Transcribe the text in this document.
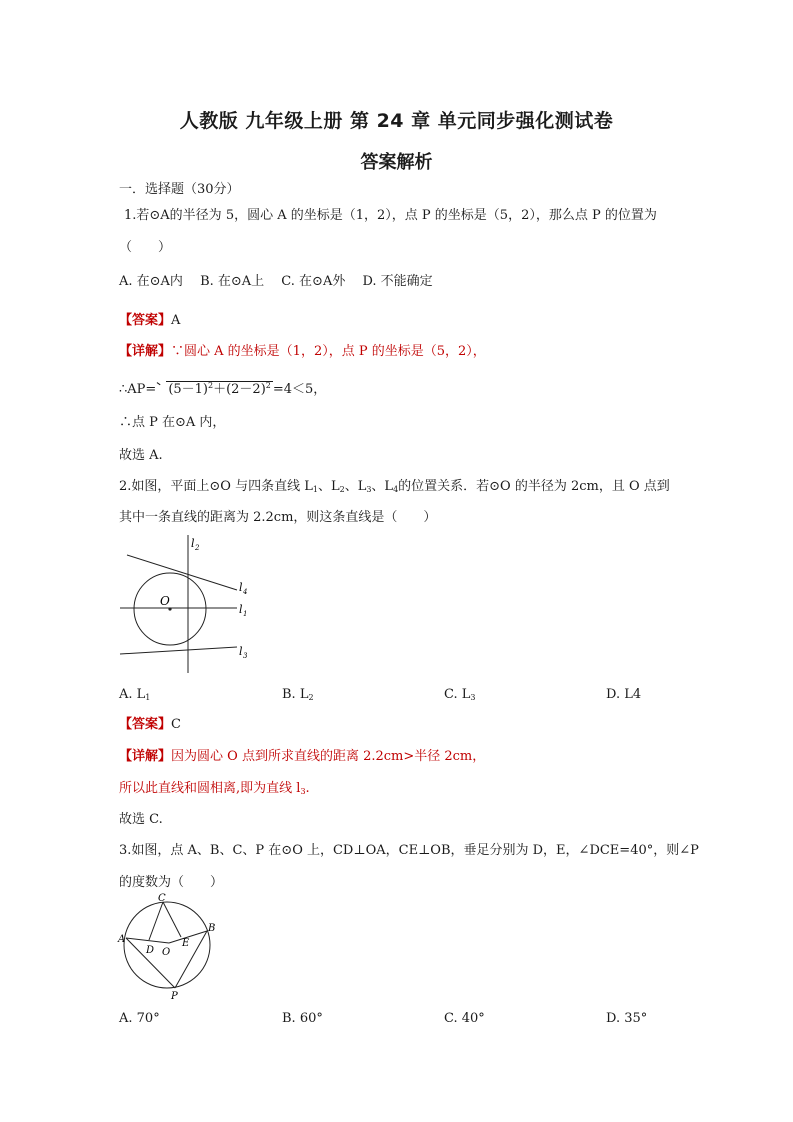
人教版 九年级上册 第 24 章 单元同步强化测试卷
答案解析
一．选择题（30分）
1.若⊙A的半径为 5，圆心 A 的坐标是（1，2），点 P 的坐标是（5，2），那么点 P 的位置为
（　　）
A. 在⊙A内　 B. 在⊙A上　 C. 在⊙A外　 D. 不能确定
【答案】A
【详解】∵圆心 A 的坐标是（1，2），点 P 的坐标是（5，2），
∴AP= $(5-1)^2+(2-2)^2 =4<5$，
∴点 P 在⊙A 内，
故选 A.
2.如图，平面上⊙O 与四条直线 $L_1$、$L_2$、$L_3$、$L_4$的位置关系．若⊙O 的半径为 2cm，且 O 点到
其中一条直线的距离为 2.2cm，则这条直线是（　　）
O
l 2
l 4
l 1
l 3
A. $L_1$	B. $L_2$	C. $L_3$	D. L4
【答案】C
【详解】因为圆心 O 点到所求直线的距离 2.2cm>半径 2cm，
所以此直线和圆相离,即为直线 $l_3$.
故选 C.
3.如图，点 A、B、C、P 在⊙O 上，CD⊥OA，CE⊥OB，垂足分别为 D，E，∠DCE=40°，则∠P
的度数为（　　）
C
A
B
D O
E
P
A. 70°	B. 60°	C. 40°	D. 35°
